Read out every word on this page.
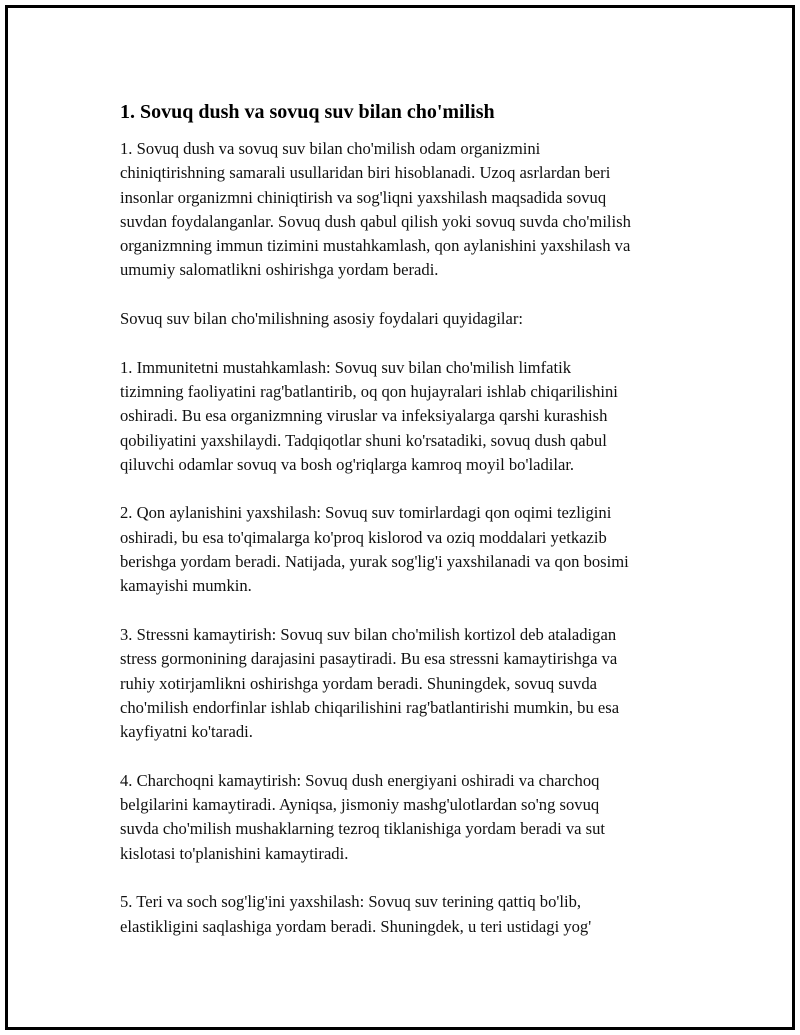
1. Sovuq dush va sovuq suv bilan cho'milish
1. Sovuq dush va sovuq suv bilan cho'milish odam organizmini
chiniqtirishning samarali usullaridan biri hisoblanadi. Uzoq asrlardan beri
insonlar organizmni chiniqtirish va sog'liqni yaxshilash maqsadida sovuq
suvdan foydalanganlar. Sovuq dush qabul qilish yoki sovuq suvda cho'milish
organizmning immun tizimini mustahkamlash, qon aylanishini yaxshilash va
umumiy salomatlikni oshirishga yordam beradi.
Sovuq suv bilan cho'milishning asosiy foydalari quyidagilar:
1. Immunitetni mustahkamlash: Sovuq suv bilan cho'milish limfatik
tizimning faoliyatini rag'batlantirib, oq qon hujayralari ishlab chiqarilishini
oshiradi. Bu esa organizmning viruslar va infeksiyalarga qarshi kurashish
qobiliyatini yaxshilaydi. Tadqiqotlar shuni ko'rsatadiki, sovuq dush qabul
qiluvchi odamlar sovuq va bosh og'riqlarga kamroq moyil bo'ladilar.
2. Qon aylanishini yaxshilash: Sovuq suv tomirlardagi qon oqimi tezligini
oshiradi, bu esa to'qimalarga ko'proq kislorod va oziq moddalari yetkazib
berishga yordam beradi. Natijada, yurak sog'lig'i yaxshilanadi va qon bosimi
kamayishi mumkin.
3. Stressni kamaytirish: Sovuq suv bilan cho'milish kortizol deb ataladigan
stress gormonining darajasini pasaytiradi. Bu esa stressni kamaytirishga va
ruhiy xotirjamlikni oshirishga yordam beradi. Shuningdek, sovuq suvda
cho'milish endorfinlar ishlab chiqarilishini rag'batlantirishi mumkin, bu esa
kayfiyatni ko'taradi.
4. Charchoqni kamaytirish: Sovuq dush energiyani oshiradi va charchoq
belgilarini kamaytiradi. Ayniqsa, jismoniy mashg'ulotlardan so'ng sovuq
suvda cho'milish mushaklarning tezroq tiklanishiga yordam beradi va sut
kislotasi to'planishini kamaytiradi.
5. Teri va soch sog'lig'ini yaxshilash: Sovuq suv terining qattiq bo'lib,
elastikligini saqlashiga yordam beradi. Shuningdek, u teri ustidagi yog'
